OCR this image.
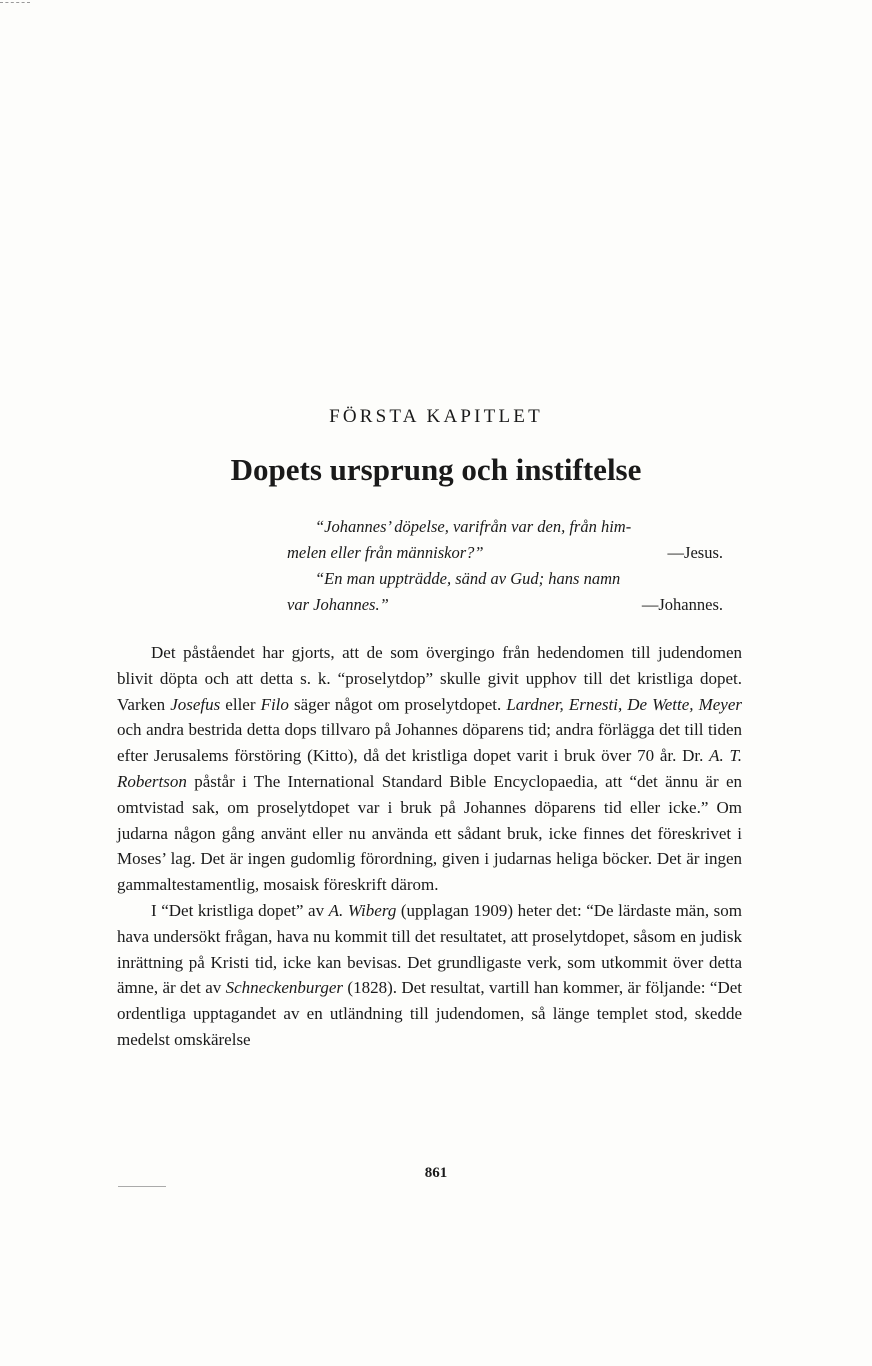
FÖRSTA KAPITLET
Dopets ursprung och instiftelse
“Johannes’ döpelse, varifrån var den, från him-
melen eller från människor?”	—Jesus.
“En man uppträdde, sänd av Gud; hans namn
var Johannes.”	—Johannes.

Det påståendet har gjorts, att de som övergingo från hedendomen till judendomen blivit döpta och att detta s. k. “proselytdop” skulle givit upphov till det kristliga dopet. Varken Josefus eller Filo säger något om proselytdopet. Lardner, Ernesti, De Wette, Meyer och andra bestrida detta dops tillvaro på Johannes döparens tid; andra förlägga det till tiden efter Jerusalems förstöring (Kitto), då det kristliga dopet varit i bruk över 70 år. Dr. A. T. Robertson påstår i The International Standard Bible Encyclopaedia, att “det ännu är en omtvistad sak, om proselytdopet var i bruk på Johannes döparens tid eller icke.” Om judarna någon gång använt eller nu använda ett sådant bruk, icke finnes det föreskrivet i Moses’ lag. Det är ingen gudomlig förordning, given i judarnas heliga böcker. Det är ingen gammaltestamentlig, mosaisk föreskrift därom.

I “Det kristliga dopet” av A. Wiberg (upplagan 1909) heter det: “De lärdaste män, som hava undersökt frågan, hava nu kommit till det resultatet, att proselytdopet, såsom en judisk inrättning på Kristi tid, icke kan bevisas. Det grundligaste verk, som utkommit över detta ämne, är det av Schneckenburger (1828). Det resultat, vartill han kommer, är följande: “Det ordentliga upptagandet av en utländning till judendomen, så länge templet stod, skedde medelst omskärelse

861
